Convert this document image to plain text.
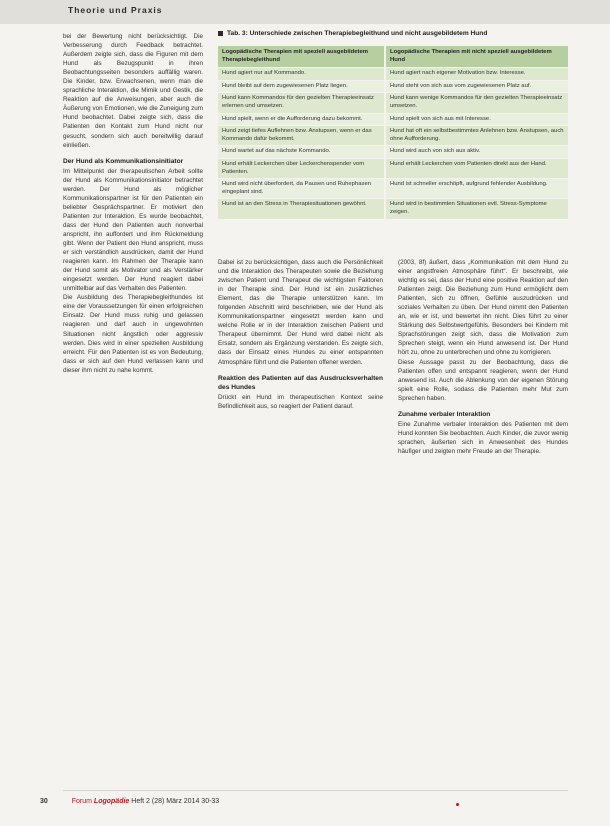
Theorie und Praxis

bei der Bewertung nicht berücksichtigt. Die Verbesserung durch Feedback betrachtet. Außerdem zeigte sich, dass die Figuren mit dem Hund als Bezugspunkt in ihren Beobachtungsseiten besonders auffällig waren. Die Kinder, bzw. Erwachsenen, wenn man die sprachliche Interaktion, die Mimik und Gestik, die Reaktion auf die Anweisungen, aber auch die Äußerung von Emotionen, wie die Zuneigung zum Hund beobachtet. Dabei zeigte sich, dass die Patienten den Kontakt zum Hund nicht nur gesucht, sondern sich auch bereitwillig darauf einließen.

Der Hund als Kommunikationsinitiator

Im Mittelpunkt der therapeutischen Arbeit sollte der Hund als Kommunikationsinitiator betrachtet werden. Der Hund als möglicher Kommunikationspartner ist für den Patienten ein beliebter Gesprächspartner. Er motiviert den Patienten zur Interaktion. Es wurde beobachtet, dass der Hund den Patienten auch nonverbal anspricht, ihn auffordert und ihm Rückmeldung gibt. Wenn der Patient den Hund anspricht, muss er sich verständlich ausdrücken, damit der Hund reagieren kann. Im Rahmen der Therapie kann der Hund somit als Motivator und als Verstärker eingesetzt werden. Der Hund reagiert dabei unmittelbar auf das Verhalten des Patienten.

Die Ausbildung des Therapiebegleithundes ist eine der Voraussetzungen für einen erfolgreichen Einsatz. Der Hund muss ruhig und gelassen reagieren und darf auch in ungewohnten Situationen nicht ängstlich oder aggressiv werden. Dies wird in einer speziellen Ausbildung erreicht. Für den Patienten ist es von Bedeutung, dass er sich auf den Hund verlassen kann und dieser ihm nicht zu nahe kommt.

Tab. 3: Unterschiede zwischen Therapiebegleithund und nicht ausgebildetem Hund
Logopädische Therapien mit speziell ausgebildetem Therapiebegleithund	Logopädische Therapien mit nicht speziell ausgebildetem Hund
Hund agiert nur auf Kommando.	Hund agiert nach eigener Motivation bzw. Interesse.
Hund bleibt auf dem zugewiesenen Platz liegen.	Hund steht von sich aus vom zugewiesenen Platz auf.
Hund kann Kommandos für den gezielten Therapieeinsatz erlernen und umsetzen.	Hund kann wenige Kommandos für den gezielten Therapieeinsatz umsetzen.
Hund spielt, wenn er die Aufforderung dazu bekommt.	Hund spielt von sich aus mit Interesse.
Hund zeigt tiefes Auflehnen bzw. Anstupsen, wenn er das Kommando dafür bekommt.	Hund hat oft ein selbstbestimmtes Anlehnen bzw. Anstupsen, auch ohne Aufforderung.
Hund wartet auf das nächste Kommando.	Hund wird auch von sich aus aktiv.
Hund erhält Leckerchen über Leckerchenspender vom Patienten.	Hund erhält Leckerchen vom Patienten direkt aus der Hand.
Hund wird nicht überfordert, da Pausen und Ruhephasen eingeplant sind.	Hund ist schneller erschöpft, aufgrund fehlender Ausbildung.
Hund ist an den Stress in Therapiesituationen gewöhnt.	Hund wird in bestimmten Situationen evtl. Stress-Symptome zeigen.

Dabei ist zu berücksichtigen, dass auch die Persönlichkeit und die Interaktion des Therapeuten sowie die Beziehung zwischen Patient und Therapeut die wichtigsten Faktoren in der Therapie sind. Der Hund ist ein zusätzliches Element, das die Therapie unterstützen kann. Im folgenden Abschnitt wird beschrieben, wie der Hund als Kommunikationspartner eingesetzt werden kann und welche Rolle er in der Interaktion zwischen Patient und Therapeut übernimmt. Der Hund wird dabei nicht als Ersatz, sondern als Ergänzung verstanden. Es zeigte sich, dass der Einsatz eines Hundes zu einer entspannten Atmosphäre führt und die Patienten offener werden.

Reaktion des Patienten auf das Ausdrucksverhalten des Hundes

Drückt ein Hund im therapeutischen Kontext seine Befindlichkeit aus, so reagiert der Patient darauf.

(2003, 8f) äußert, dass „Kommunikation mit dem Hund zu einer angstfreien Atmosphäre führt“. Er beschreibt, wie wichtig es sei, dass der Hund eine positive Reaktion auf den Patienten zeigt. Die Beziehung zum Hund ermöglicht dem Patienten, sich zu öffnen, Gefühle auszudrücken und soziales Verhalten zu üben. Der Hund nimmt den Patienten an, wie er ist, und bewertet ihn nicht. Dies führt zu einer Stärkung des Selbstwertgefühls. Besonders bei Kindern mit Sprachstörungen zeigt sich, dass die Motivation zum Sprechen steigt, wenn ein Hund anwesend ist. Der Hund hört zu, ohne zu unterbrechen und ohne zu korrigieren.

Diese Aussage passt zu der Beobachtung, dass die Patienten offen und entspannt reagieren, wenn der Hund anwesend ist. Auch die Ablenkung von der eigenen Störung spielt eine Rolle, sodass die Patienten mehr Mut zum Sprechen haben.

Zunahme verbaler Interaktion

Eine Zunahme verbaler Interaktion des Patienten mit dem Hund konnten Sie beobachten. Auch Kinder, die zuvor wenig sprachen, äußerten sich in Anwesenheit des Hundes häufiger und zeigten mehr Freude an der Therapie.

30	Forum Logopädie Heft 2 (28) März 2014 30-33
